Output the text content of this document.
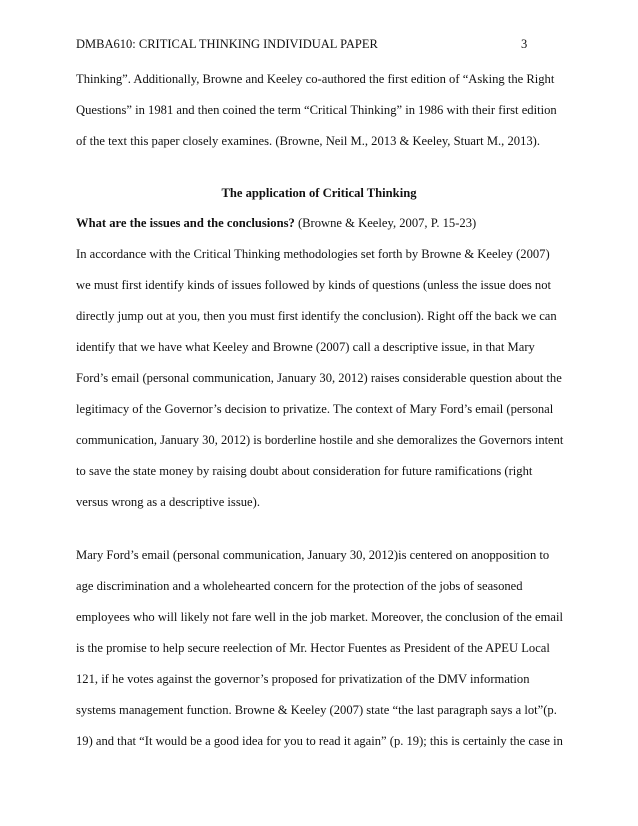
DMBA610: CRITICAL THINKING INDIVIDUAL PAPER	3
Thinking”. Additionally, Browne and Keeley co-authored the first edition of “Asking the Right
Questions” in 1981 and then coined the term “Critical Thinking” in 1986 with their first edition
of the text this paper closely examines. (Browne, Neil M., 2013 & Keeley, Stuart M., 2013).
The application of Critical Thinking
What are the issues and the conclusions? (Browne & Keeley, 2007, P. 15-23)
In accordance with the Critical Thinking methodologies set forth by Browne & Keeley (2007)
we must first identify kinds of issues followed by kinds of questions (unless the issue does not
directly jump out at you, then you must first identify the conclusion). Right off the back we can
identify that we have what Keeley and Browne (2007) call a descriptive issue, in that Mary
Ford’s email (personal communication, January 30, 2012) raises considerable question about the
legitimacy of the Governor’s decision to privatize. The context of Mary Ford’s email (personal
communication, January 30, 2012) is borderline hostile and she demoralizes the Governors intent
to save the state money by raising doubt about consideration for future ramifications (right
versus wrong as a descriptive issue).
Mary Ford’s email (personal communication, January 30, 2012)is centered on anopposition to
age discrimination and a wholehearted concern for the protection of the jobs of seasoned
employees who will likely not fare well in the job market. Moreover, the conclusion of the email
is the promise to help secure reelection of Mr. Hector Fuentes as President of the APEU Local
121, if he votes against the governor’s proposed for privatization of the DMV information
systems management function. Browne & Keeley (2007) state “the last paragraph says a lot”(p.
19) and that “It would be a good idea for you to read it again” (p. 19); this is certainly the case in
